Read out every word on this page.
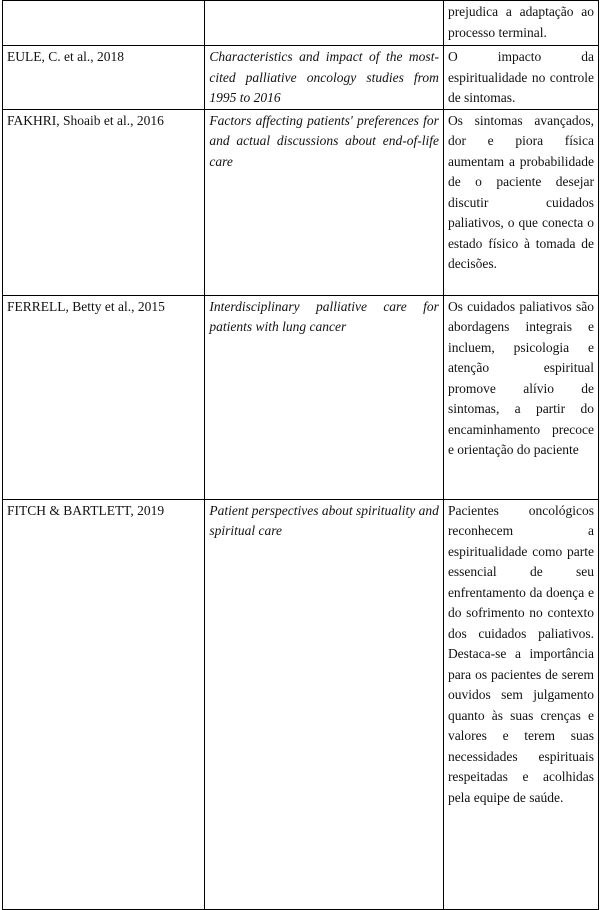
		prejudica a adaptação ao processo terminal.

EULE, C. et al., 2018	Characteristics and impact of the most-cited palliative oncology studies from 1995 to 2016	O impacto da espiritualidade no controle de sintomas.

FAKHRI, Shoaib et al., 2016	Factors affecting patients' preferences for and actual discussions about end-of-life care	Os sintomas avançados, dor e piora física aumentam a probabilidade de o paciente desejar discutir cuidados paliativos, o que conecta o estado físico à tomada de decisões.

FERRELL, Betty et al., 2015	Interdisciplinary palliative care for patients with lung cancer	Os cuidados paliativos são abordagens integrais e incluem, psicologia e atenção espiritual promove alívio de sintomas, a partir do encaminhamento precoce e orientação do paciente

FITCH & BARTLETT, 2019	Patient perspectives about spirituality and spiritual care	Pacientes oncológicos reconhecem a espiritualidade como parte essencial de seu enfrentamento da doença e do sofrimento no contexto dos cuidados paliativos. Destaca-se a importância para os pacientes de serem ouvidos sem julgamento quanto às suas crenças e valores e terem suas necessidades espirituais respeitadas e acolhidas pela equipe de saúde.
